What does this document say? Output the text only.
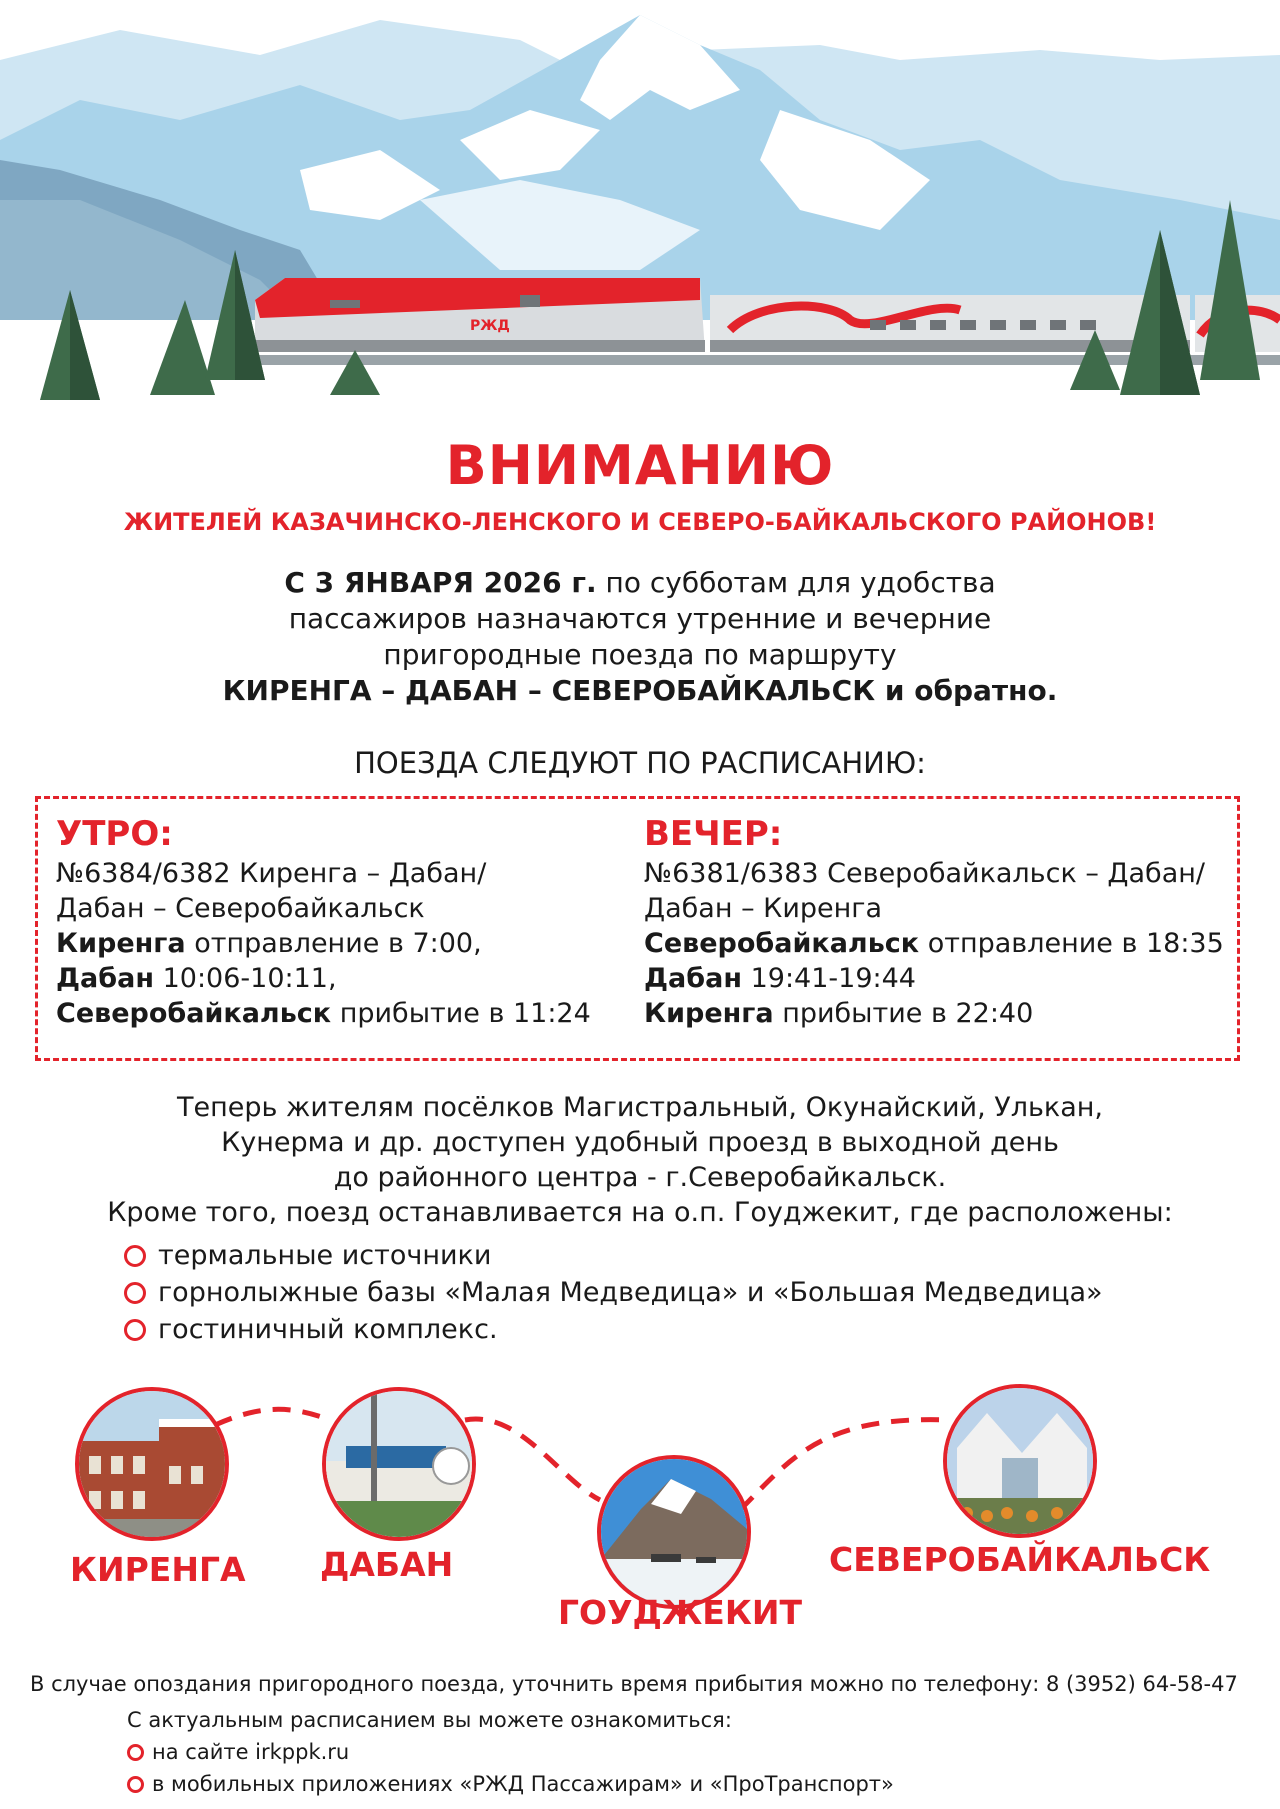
РЖД
ВНИМАНИЮ
ЖИТЕЛЕЙ КАЗАЧИНСКО-ЛЕНСКОГО И СЕВЕРО-БАЙКАЛЬСКОГО РАЙОНОВ!
С 3 ЯНВАРЯ 2026 г. по субботам для удобства
пассажиров назначаются утренние и вечерние
пригородные поезда по маршруту
КИРЕНГА – ДАБАН – СЕВЕРОБАЙКАЛЬСК и обратно.
ПОЕЗДА СЛЕДУЮТ ПО РАСПИСАНИЮ:
УТРО:
№6384/6382 Киренга – Дабан/
Дабан – Северобайкальск
Киренга отправление в 7:00,
Дабан 10:06-10:11,
Северобайкальск прибытие в 11:24
ВЕЧЕР:
№6381/6383 Северобайкальск – Дабан/
Дабан – Киренга
Северобайкальск отправление в 18:35
Дабан 19:41-19:44
Киренга прибытие в 22:40
Теперь жителям посёлков Магистральный, Окунайский, Улькан,
Кунерма и др. доступен удобный проезд в выходной день
до районного центра - г.Северобайкальск.
Кроме того, поезд останавливается на о.п. Гоуджекит, где расположены:
термальные источники
горнолыжные базы «Малая Медведица» и «Большая Медведица»
гостиничный комплекс.
КИРЕНГА ДАБАН
ГОУДЖЕКИТ
СЕВЕРОБАЙКАЛЬСК
В случае опоздания пригородного поезда, уточнить время прибытия можно по телефону: 8 (3952) 64-58-47
С актуальным расписанием вы можете ознакомиться:
на сайте irkppk.ru
в мобильных приложениях «РЖД Пассажирам» и «ПроТранспорт»
